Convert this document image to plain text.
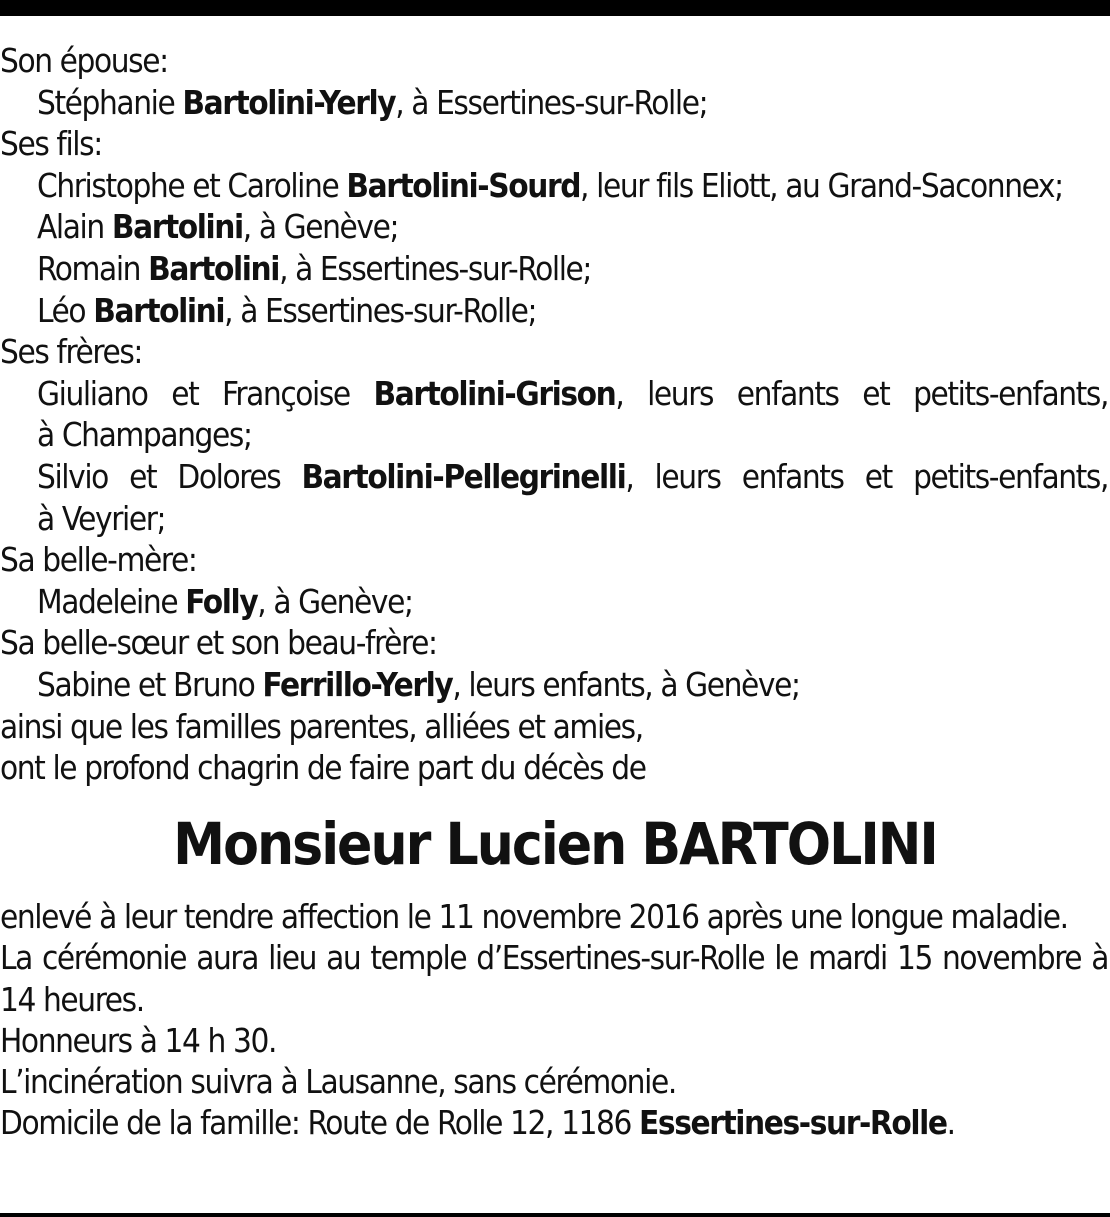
Son épouse:
Stéphanie Bartolini-Yerly, à Essertines-sur-Rolle;
Ses fils:
Christophe et Caroline Bartolini-Sourd, leur fils Eliott, au Grand-Saconnex;
Alain Bartolini, à Genève;
Romain Bartolini, à Essertines-sur-Rolle;
Léo Bartolini, à Essertines-sur-Rolle;
Ses frères:
Giuliano et Françoise Bartolini-Grison, leurs enfants et petits-enfants,
à Champanges;
Silvio et Dolores Bartolini-Pellegrinelli, leurs enfants et petits-enfants,
à Veyrier;
Sa belle-mère:
Madeleine Folly, à Genève;
Sa belle-sœur et son beau-frère:
Sabine et Bruno Ferrillo-Yerly, leurs enfants, à Genève;
ainsi que les familles parentes, alliées et amies,
ont le profond chagrin de faire part du décès de
Monsieur Lucien BARTOLINI
enlevé à leur tendre affection le 11 novembre 2016 après une longue maladie.
La cérémonie aura lieu au temple d’Essertines-sur-Rolle le mardi 15 novembre à 14 heures.
Honneurs à 14 h 30.
L’incinération suivra à Lausanne, sans cérémonie.
Domicile de la famille: Route de Rolle 12, 1186 Essertines-sur-Rolle.
